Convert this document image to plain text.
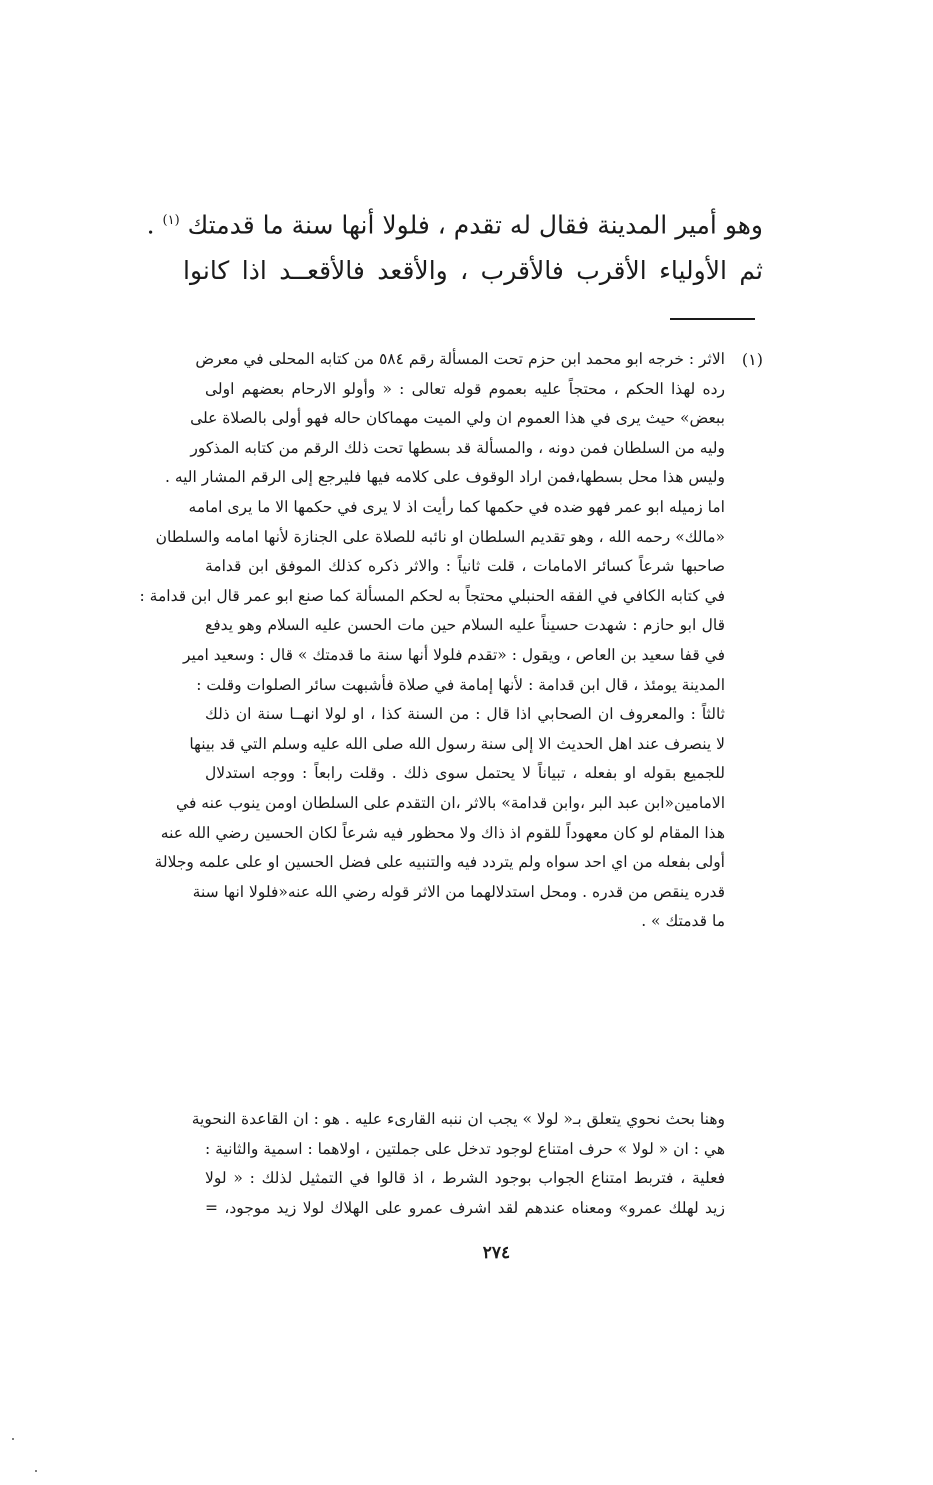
وهو أمير المدينة فقال له تقدم ، فلولا أنها سنة ما قدمتك $^{(١)}$ .
ثم الأولياء الأقرب فالأقرب ، والأقعد فالأقعــد اذا كانوا
(١)
الاثر : خرجه ابو محمد ابن حزم تحت المسألة رقم ٥٨٤ من كتابه المحلى في معرض
رده لهذا الحكم ، محتجاً عليه بعموم قوله تعالى : « وأولو الارحام بعضهم اولى
ببعض» حيث يرى في هذا العموم ان ولي الميت مهماكان حاله فهو أولى بالصلاة على
وليه من السلطان فمن دونه ، والمسألة قد بسطها تحت ذلك الرقم من كتابه المذكور
وليس هذا محل بسطها،فمن اراد الوقوف على كلامه فيها فليرجع إلى الرقم المشار اليه .
اما زميله ابو عمر فهو ضده في حكمها كما رأيت اذ لا يرى في حكمها الا ما يرى امامه
«مالك» رحمه الله ، وهو تقديم السلطان او نائبه للصلاة على الجنازة لأنها امامه والسلطان
صاحبها شرعاً كسائر الامامات ، قلت ثانياً : والاثر ذكره كذلك الموفق ابن قدامة
في كتابه الكافي في الفقه الحنبلي محتجاً به لحكم المسألة كما صنع ابو عمر قال ابن قدامة :
قال ابو حازم : شهدت حسيناً عليه السلام حين مات الحسن عليه السلام وهو يدفع
في قفا سعيد بن العاص ، ويقول : «تقدم فلولا أنها سنة ما قدمتك » قال : وسعيد امير
المدينة يومئذ ، قال ابن قدامة : لأنها إمامة في صلاة فأشبهت سائر الصلوات وقلت :
ثالثاً : والمعروف ان الصحابي اذا قال : من السنة كذا ، او لولا انهــا سنة ان ذلك
لا ينصرف عند اهل الحديث الا إلى سنة رسول الله صلى الله عليه وسلم التي قد بينها
للجميع بقوله او بفعله ، تبياناً لا يحتمل سوى ذلك . وقلت رابعاً : ووجه استدلال
الامامين«ابن عبد البر ،وابن قدامة» بالاثر ،ان التقدم على السلطان اومن ينوب عنه في
هذا المقام لو كان معهوداً للقوم اذ ذاك ولا محظور فيه شرعاً لكان الحسين رضي الله عنه
أولى بفعله من اي احد سواه ولم يتردد فيه والتنبيه على فضل الحسين او على علمه وجلالة
قدره ينقص من قدره . ومحل استدلالهما من الاثر قوله رضي الله عنه«فلولا انها سنة
ما قدمتك » .
وهنا بحث نحوي يتعلق بـ« لولا » يجب ان ننبه القارىء عليه . هو : ان القاعدة النحوية
هي : ان « لولا » حرف امتناع لوجود تدخل على جملتين ، اولاهما : اسمية والثانية :
فعلية ، فتربط امتناع الجواب بوجود الشرط ، اذ قالوا في التمثيل لذلك : « لولا
زيد لهلك عمرو» ومعناه عندهم لقد اشرف عمرو على الهلاك لولا زيد موجود، =
٢٧٤
